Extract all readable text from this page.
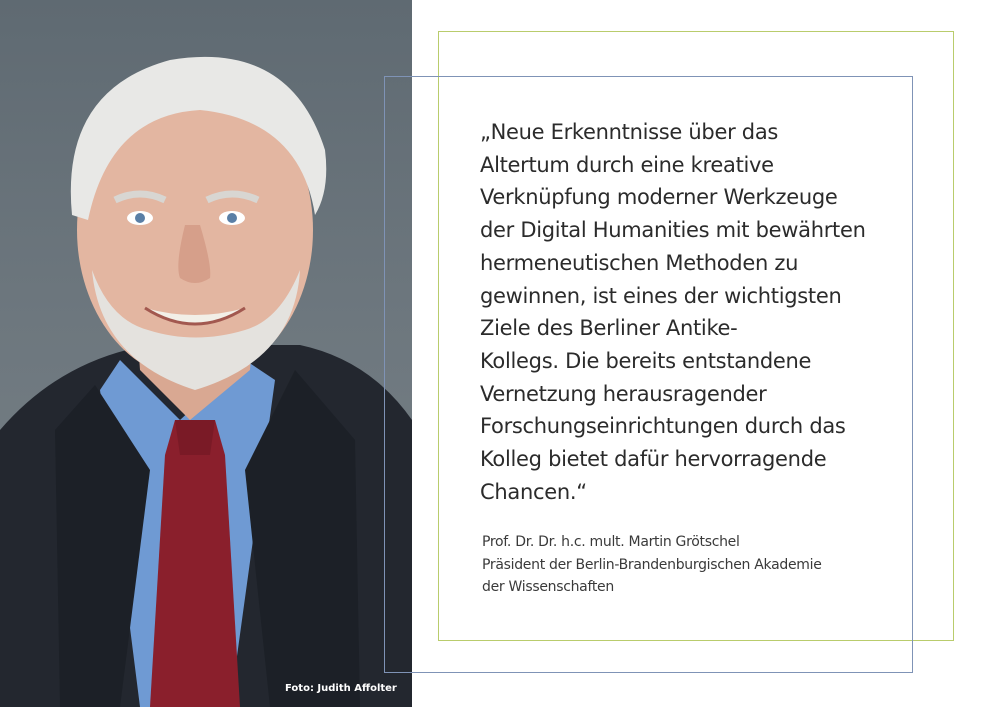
Foto: Judith Affolter
„Neue Erkenntnisse über das
Altertum durch eine kreative
Verknüpfung moderner Werkzeuge
der Digital Humanities mit bewährten
hermeneutischen Methoden zu
gewinnen, ist eines der wichtigsten
Ziele des Berliner Antike-
Kollegs. Die bereits entstandene
Vernetzung herausragender
Forschungseinrichtungen durch das
Kolleg bietet dafür hervorragende
Chancen.“
Prof. Dr. Dr. h.c. mult. Martin Grötschel
Präsident der Berlin-Brandenburgischen Akademie
der Wissenschaften
